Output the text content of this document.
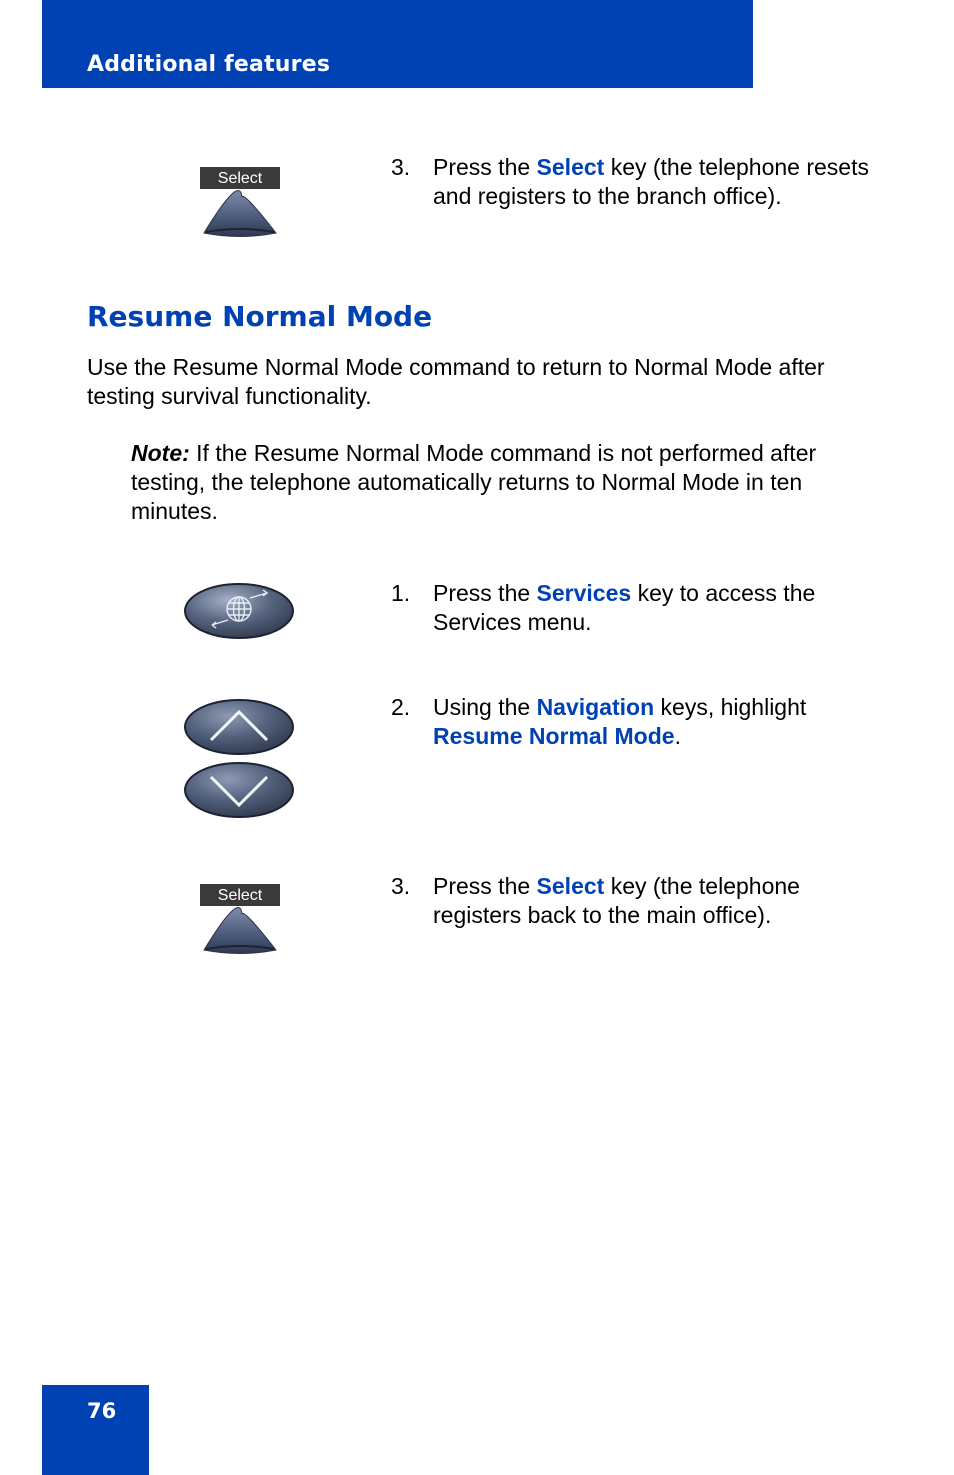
Additional features
Select	3. Press the Select key (the telephone resets and registers to the branch office).
Resume Normal Mode
Use the Resume Normal Mode command to return to Normal Mode after testing survival functionality.
Note: If the Resume Normal Mode command is not performed after testing, the telephone automatically returns to Normal Mode in ten minutes.
1. Press the Services key to access the Services menu.
2. Using the Navigation keys, highlight Resume Normal Mode.
Select	3. Press the Select key (the telephone registers back to the main office).
76
